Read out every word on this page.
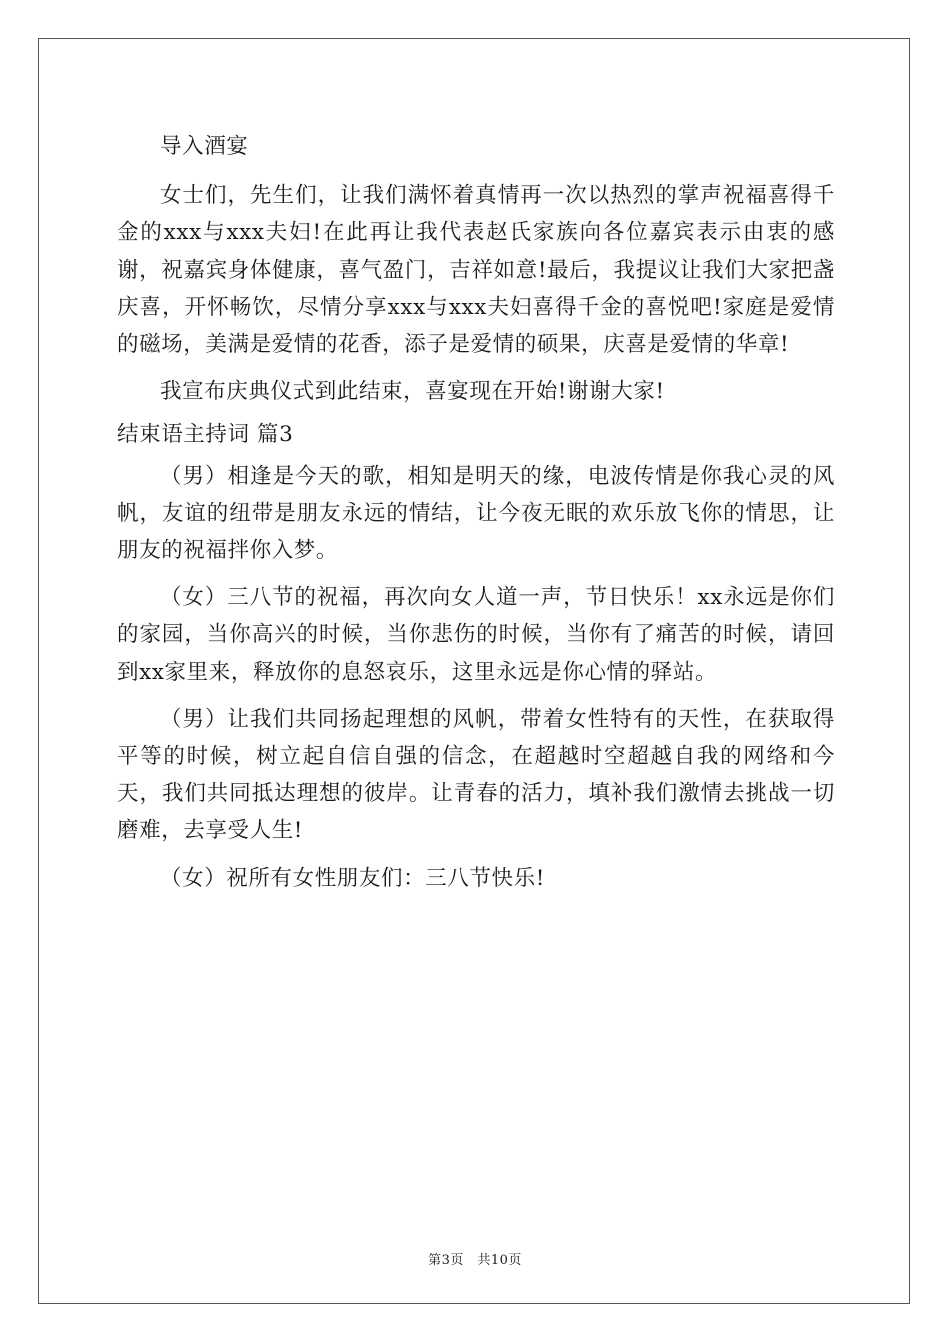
导入酒宴

女士们，先生们，让我们满怀着真情再一次以热烈的掌声祝福喜得千金的xxx与xxx夫妇!在此再让我代表赵氏家族向各位嘉宾表示由衷的感谢，祝嘉宾身体健康，喜气盈门，吉祥如意!最后，我提议让我们大家把盏庆喜，开怀畅饮，尽情分享xxx与xxx夫妇喜得千金的喜悦吧!家庭是爱情的磁场，美满是爱情的花香，添子是爱情的硕果，庆喜是爱情的华章!

我宣布庆典仪式到此结束，喜宴现在开始!谢谢大家!

结束语主持词 篇3

（男）相逢是今天的歌，相知是明天的缘，电波传情是你我心灵的风帆，友谊的纽带是朋友永远的情结，让今夜无眠的欢乐放飞你的情思，让朋友的祝福拌你入梦。

（女）三八节的祝福，再次向女人道一声，节日快乐！xx永远是你们的家园，当你高兴的时候，当你悲伤的时候，当你有了痛苦的时候，请回到xx家里来，释放你的息怒哀乐，这里永远是你心情的驿站。

（男）让我们共同扬起理想的风帆，带着女性特有的天性，在获取得平等的时候，树立起自信自强的信念，在超越时空超越自我的网络和今天，我们共同抵达理想的彼岸。让青春的活力，填补我们激情去挑战一切磨难，去享受人生!

（女）祝所有女性朋友们：三八节快乐!

第3页　共10页
